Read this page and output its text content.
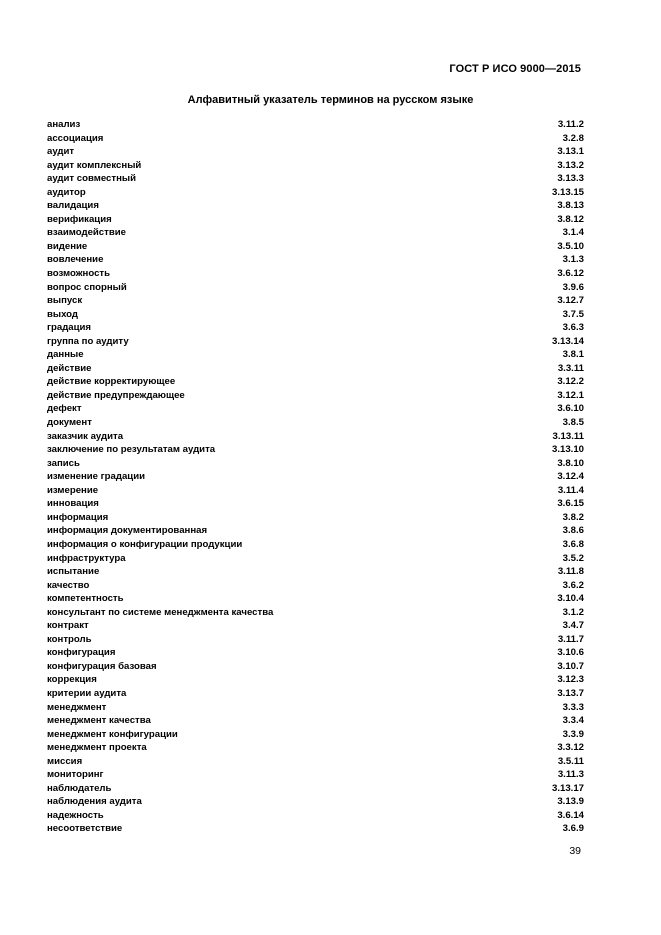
ГОСТ Р ИСО 9000—2015
Алфавитный указатель терминов на русском языке
анализ	3.11.2
ассоциация	3.2.8
аудит	3.13.1
аудит комплексный	3.13.2
аудит совместный	3.13.3
аудитор	3.13.15
валидация	3.8.13
верификация	3.8.12
взаимодействие	3.1.4
видение	3.5.10
вовлечение	3.1.3
возможность	3.6.12
вопрос спорный	3.9.6
выпуск	3.12.7
выход	3.7.5
градация	3.6.3
группа по аудиту	3.13.14
данные	3.8.1
действие	3.3.11
действие корректирующее	3.12.2
действие предупреждающее	3.12.1
дефект	3.6.10
документ	3.8.5
заказчик аудита	3.13.11
заключение по результатам аудита	3.13.10
запись	3.8.10
изменение градации	3.12.4
измерение	3.11.4
инновация	3.6.15
информация	3.8.2
информация документированная	3.8.6
информация о конфигурации продукции	3.6.8
инфраструктура	3.5.2
испытание	3.11.8
качество	3.6.2
компетентность	3.10.4
консультант по системе менеджмента качества	3.1.2
контракт	3.4.7
контроль	3.11.7
конфигурация	3.10.6
конфигурация базовая	3.10.7
коррекция	3.12.3
критерии аудита	3.13.7
менеджмент	3.3.3
менеджмент качества	3.3.4
менеджмент конфигурации	3.3.9
менеджмент проекта	3.3.12
миссия	3.5.11
мониторинг	3.11.3
наблюдатель	3.13.17
наблюдения аудита	3.13.9
надежность	3.6.14
несоответствие	3.6.9
39
